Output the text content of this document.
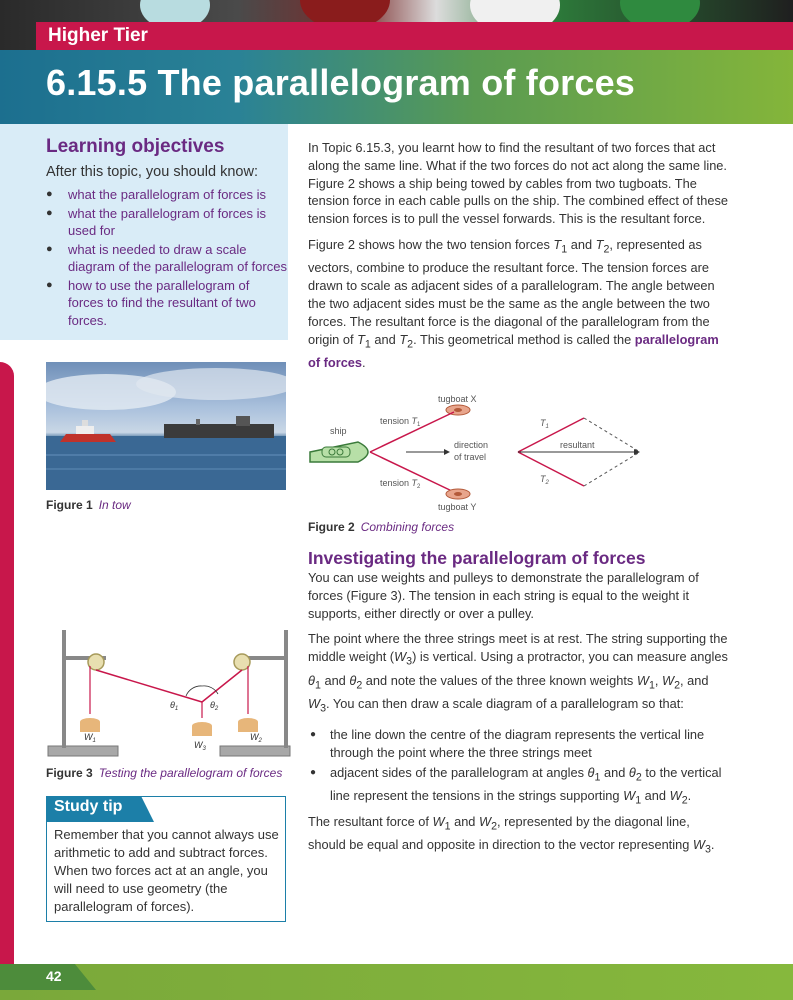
Higher Tier
6.15.5 The parallelogram of forces
Learning objectives
After this topic, you should know:
● what the parallelogram of forces is
● what the parallelogram of forces is used for
● what is needed to draw a scale diagram of the parallelogram of forces
● how to use the parallelogram of forces to find the resultant of two forces.
Figure 1 In tow
$\theta_1$	$\theta_2$
$W_1$	$W_3$
$W_2$
Figure 3 Testing the parallelogram of forces
Study tip
Remember that you cannot always use arithmetic to add and subtract forces. When two forces act at an angle, you will need to use geometry (the parallelogram of forces).

In Topic 6.15.3, you learnt how to find the resultant of two forces that act along the same line. What if the two forces do not act along the same line. Figure 2 shows a ship being towed by cables from two tugboats. The tension force in each cable pulls on the ship. The combined effect of these tension forces is to pull the vessel forwards. This is the resultant force.

Figure 2 shows how the two tension forces $T_1$ and $T_2$, represented as vectors, combine to produce the resultant force. The tension forces are drawn to scale as adjacent sides of a parallelogram. The angle between the two adjacent sides must be the same as the angle between the two forces. The resultant force is the diagonal of the parallelogram from the origin of $T_1$ and $T_2$. This geometrical method is called the parallelogram of forces.

tugboat X
ship
tension $T_1$
tension $T_2$
direction
of travel
tugboat Y
$T_1$
$T_2$
resultant
Figure 2 Combining forces
Investigating the parallelogram of forces

You can use weights and pulleys to demonstrate the parallelogram of forces (Figure 3). The tension in each string is equal to the weight it supports, either directly or over a pulley.

The point where the three strings meet is at rest. The string supporting the middle weight $(W_3)$ is vertical. Using a protractor, you can measure angles $\theta_1$ and $\theta_2$ and note the values of the three known weights $W_1$, $W_2$, and $W_3$. You can then draw a scale diagram of a parallelogram so that:

● the line down the centre of the diagram represents the vertical line through the point where the three strings meet
● adjacent sides of the parallelogram at angles $\theta_1$ and $\theta_2$ to the vertical line represent the tensions in the strings supporting $W_1$ and $W_2$.

The resultant force of $W_1$ and $W_2$, represented by the diagonal line, should be equal and opposite in direction to the vector representing $W_3$.

42
